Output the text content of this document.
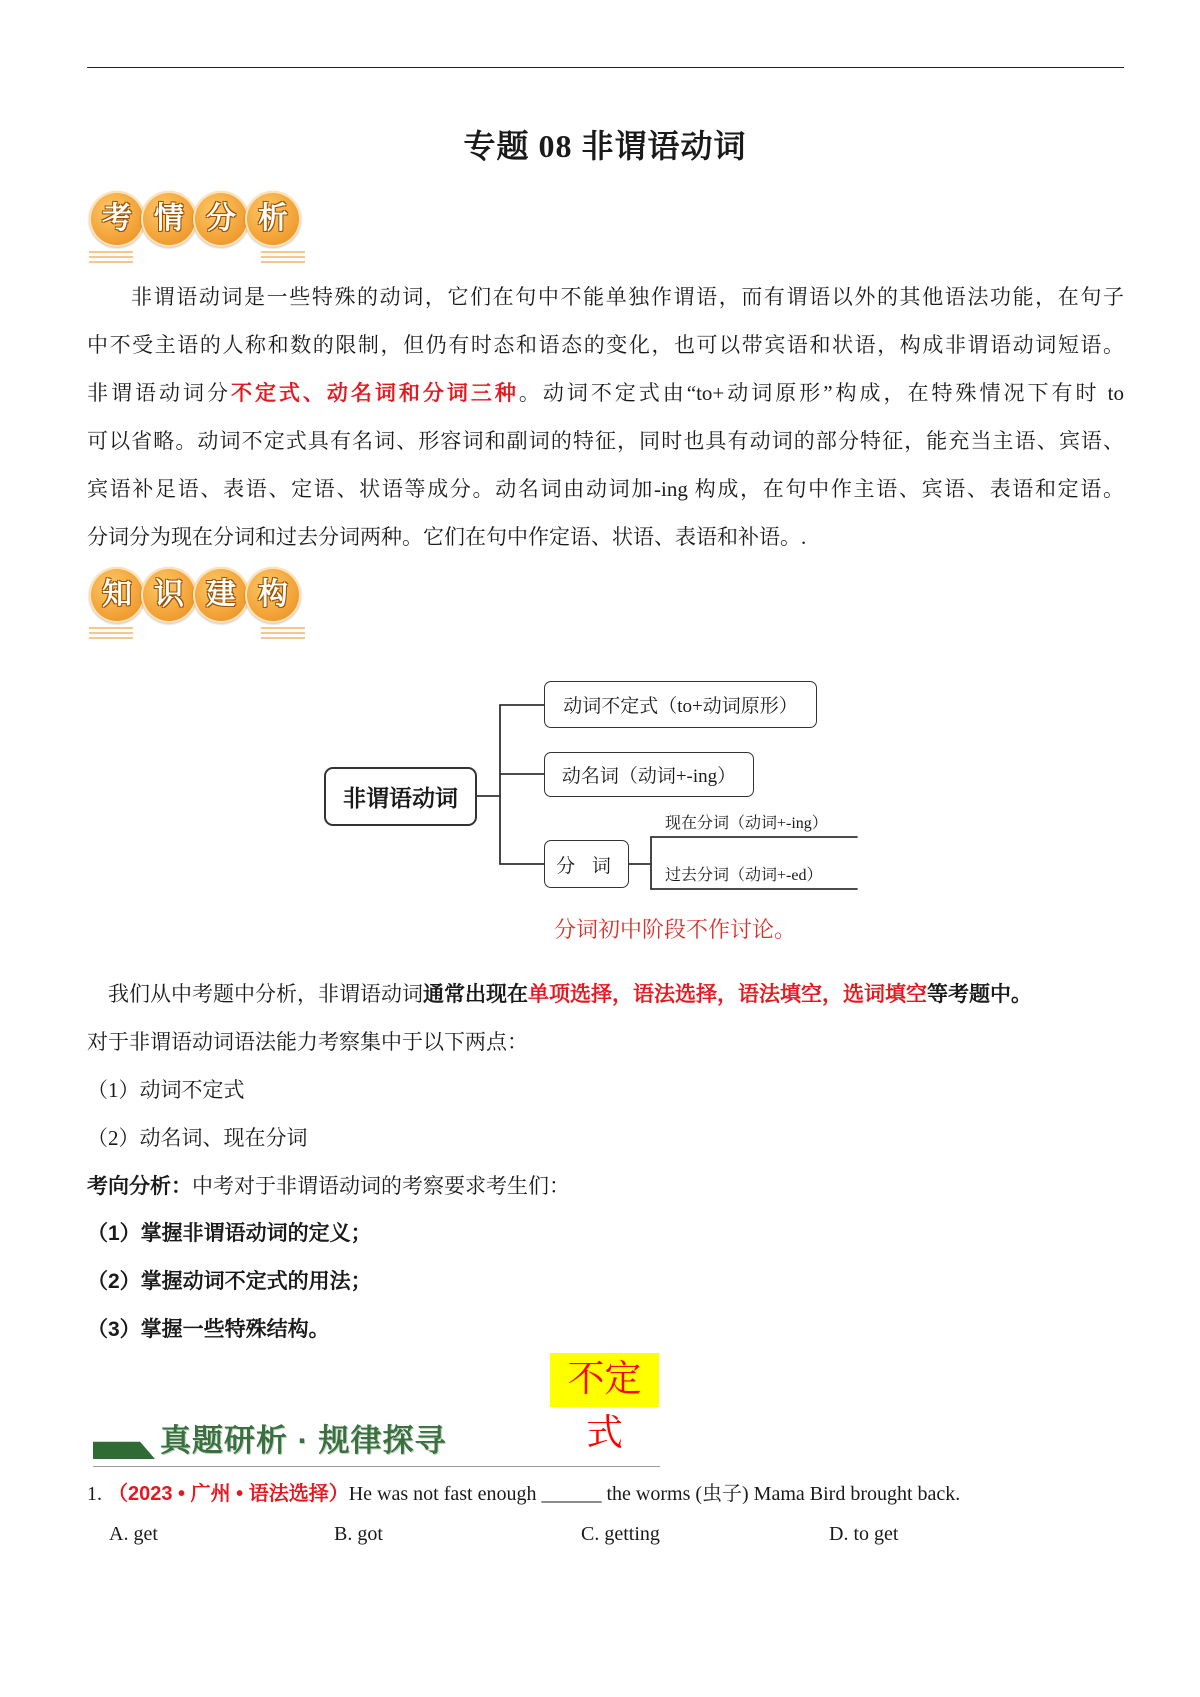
专题 08 非谓语动词
考 情 分 析
非谓语动词是一些特殊的动词，它们在句中不能单独作谓语，而有谓语以外的其他语法功能，在句子
中不受主语的人称和数的限制，但仍有时态和语态的变化，也可以带宾语和状语，构成非谓语动词短语。
非谓语动词分不定式、动名词和分词三种。动词不定式由“to+动词原形”构成，在特殊情况下有时 to
可以省略。动词不定式具有名词、形容词和副词的特征，同时也具有动词的部分特征，能充当主语、宾语、
宾语补足语、表语、定语、状语等成分。动名词由动词加-ing 构成，在句中作主语、宾语、表语和定语。
分词分为现在分词和过去分词两种。它们在句中作定语、状语、表语和补语。.
知 识 建 构
非谓语动词
动词不定式（to+动词原形）
动名词（动词+-ing）
分 词
现在分词（动词+-ing）
过去分词（动词+-ed）
分词初中阶段不作讨论。
我们从中考题中分析，非谓语动词通常出现在单项选择，语法选择，语法填空，选词填空等考题中。
对于非谓语动词语法能力考察集中于以下两点：
（1）动词不定式
（2）动名词、现在分词
考向分析：中考对于非谓语动词的考察要求考生们：
（1）掌握非谓语动词的定义；
（2）掌握动词不定式的用法；
（3）掌握一些特殊结构。
不定式
真题研析 · 规律探寻
1. （2023 • 广州 • 语法选择）He was not fast enough ______ the worms (虫子) Mama Bird brought back.
A. get	B. got	C. getting	D. to get
